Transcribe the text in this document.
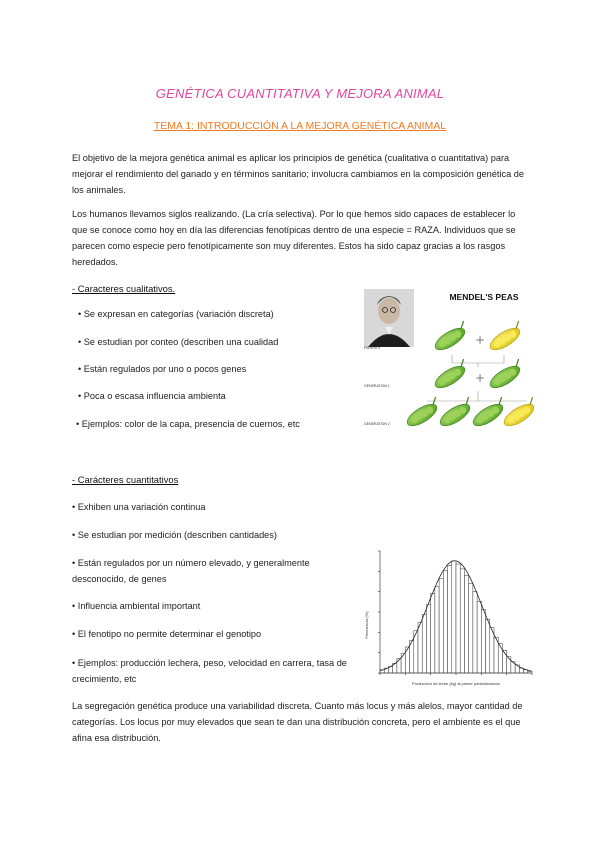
GENÉTICA CUANTITATIVA Y MEJORA ANIMAL
TEMA 1: INTRODUCCIÓN A LA MEJORA GENÉTICA ANIMAL
El objetivo de la mejora genética animal es aplicar los principios de genética (cualitativa o cuantitativa) para mejorar el rendimiento del ganado y en términos sanitario; involucra cambiamos en la composición genética de los animales.
Los humanos llevamos siglos realizando. (La cría selectiva). Por lo que hemos sido capaces de establecer lo que se conoce como hoy en día las diferencias fenotípicas dentro de una especie = RAZA. Individuos que se parecen como especie pero fenotípicamente son muy diferentes. Estos ha sido capaz gracias a los rasgos heredados.
- Caracteres cualitativos.
• Se expresan en categorías (variación discreta)
• Se estudian por conteo (describen una cualidad
• Están regulados por uno o pocos genes
• Poca o escasa influencia ambienta
• Ejemplos: color de la capa, presencia de cuernos, etc
MENDEL'S PEAS
PARENTS
GENERATION 1
GENERATION 2
+
+
- Carácteres cuantitativos
• Exhiben una variación continua
• Se estudian por medición (describen cantidades)
• Están regulados por un número elevado, y generalmente desconocido, de genes
• Influencia ambiental important
• El fenotipo no permite determinar el genotipo
• Ejemplos: producción lechera, peso, velocidad en carrera, tasa de crecimiento, etc
Frecuencia (%)
Producción de leche (kg) al primer parto/lactación
La segregación genética produce una variabilidad discreta. Cuanto más locus y más alelos, mayor cantidad de categorías. Los locus por muy elevados que sean te dan una distribución concreta, pero el ambiente es el que afina esa distribución.
